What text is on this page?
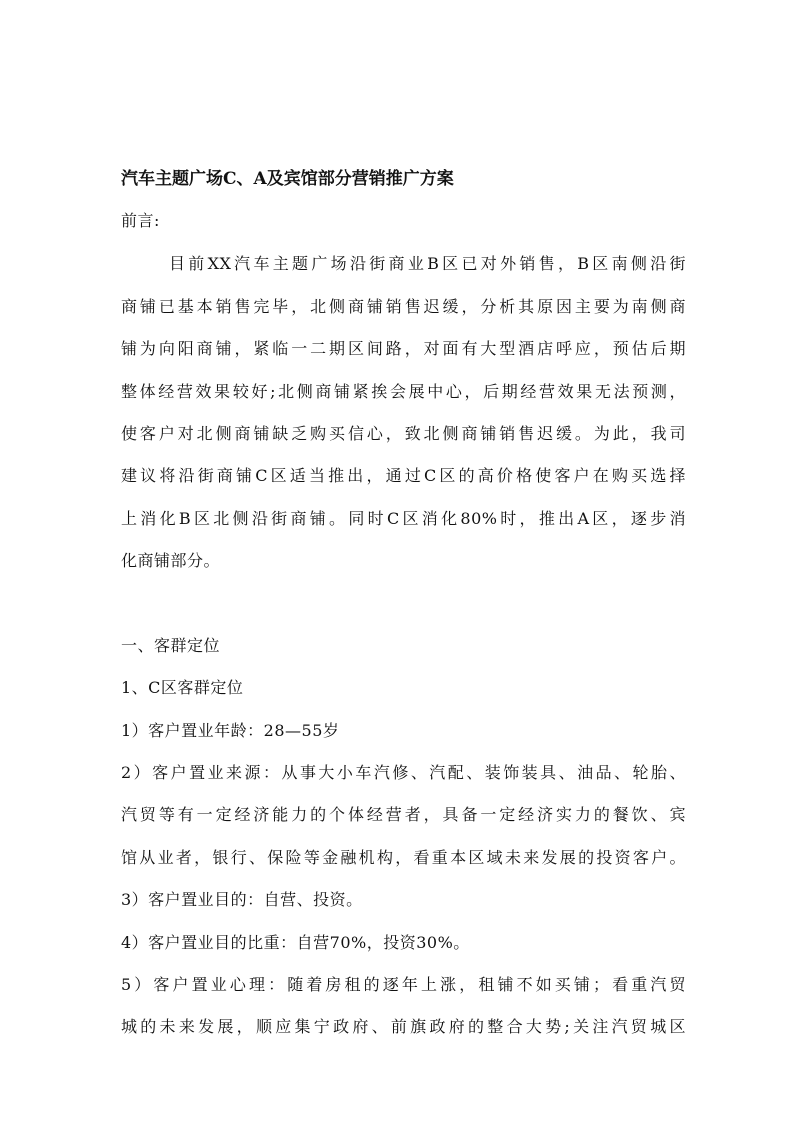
汽车主题广场C、A及宾馆部分营销推广方案
前言:
目前XX汽车主题广场沿街商业B区已对外销售，B区南侧沿街
商铺已基本销售完毕，北侧商铺销售迟缓，分析其原因主要为南侧商
铺为向阳商铺，紧临一二期区间路，对面有大型酒店呼应，预估后期
整体经营效果较好;北侧商铺紧挨会展中心，后期经营效果无法预测，
使客户对北侧商铺缺乏购买信心，致北侧商铺销售迟缓。为此，我司
建议将沿街商铺C区适当推出，通过C区的高价格使客户在购买选择
上消化B区北侧沿街商铺。同时C区消化80%时，推出A区，逐步消
化商铺部分。
一、客群定位
1、C区客群定位
1）客户置业年龄：28—55岁
2）客户置业来源：从事大小车汽修、汽配、装饰装具、油品、轮胎、
汽贸等有一定经济能力的个体经营者，具备一定经济实力的餐饮、宾
馆从业者，银行、保险等金融机构，看重本区域未来发展的投资客户。
3）客户置业目的：自营、投资。
4）客户置业目的比重：自营70%，投资30%。
5）客户置业心理：随着房租的逐年上涨，租铺不如买铺；看重汽贸
城的未来发展，顺应集宁政府、前旗政府的整合大势;关注汽贸城区
